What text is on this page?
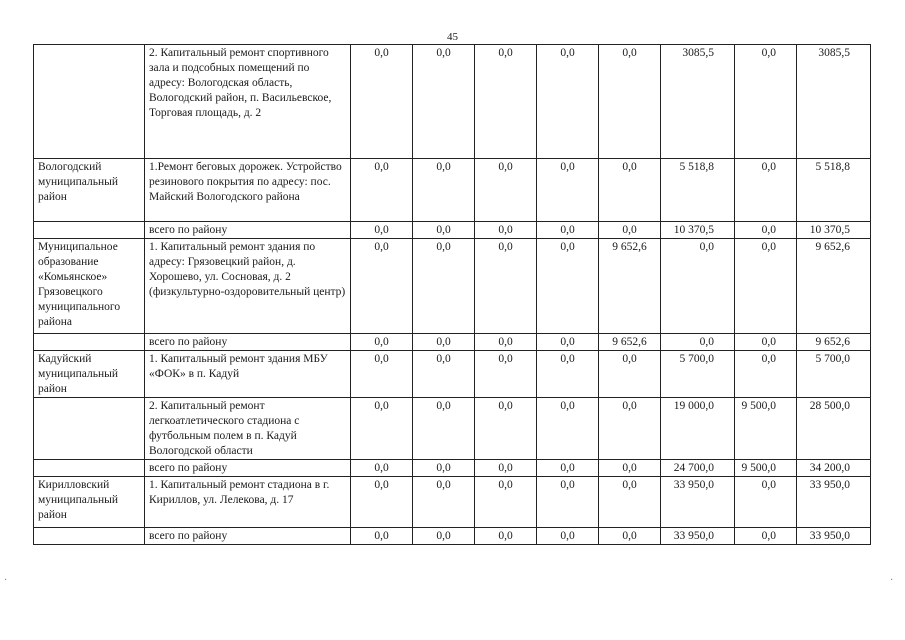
45
	2. Капитальный ремонт спортивного зала и подсобных помещений по адресу: Вологодская область, Вологодский район, п. Васильевское, Торговая площадь, д. 2	0,0	0,0	0,0	0,0	0,0	3085,5	0,0	3085,5
Вологодский муниципальный район	1.Ремонт беговых дорожек. Устройство резинового покрытия по адресу: пос. Майский Вологодского района	0,0	0,0	0,0	0,0	0,0	5 518,8	0,0	5 518,8
	всего по району	0,0	0,0	0,0	0,0	0,0	10 370,5	0,0	10 370,5
Муниципальное образование «Комьянское» Грязовецкого муниципального района	1. Капитальный ремонт здания по адресу: Грязовецкий район, д. Хорошево, ул. Сосновая, д. 2 (физкультурно-оздоровительный центр)	0,0	0,0	0,0	0,0	9 652,6	0,0	0,0	9 652,6
	всего по району	0,0	0,0	0,0	0,0	9 652,6	0,0	0,0	9 652,6
Кадуйский муниципальный район	1. Капитальный ремонт здания МБУ «ФОК» в п. Кадуй	0,0	0,0	0,0	0,0	0,0	5 700,0	0,0	5 700,0
	2. Капитальный ремонт легкоатлетического стадиона с футбольным полем в п. Кадуй Вологодской области	0,0	0,0	0,0	0,0	0,0	19 000,0	9 500,0	28 500,0
	всего по району	0,0	0,0	0,0	0,0	0,0	24 700,0	9 500,0	34 200,0
Кирилловский муниципальный район	1. Капитальный ремонт стадиона в г. Кириллов, ул. Лелекова, д. 17	0,0	0,0	0,0	0,0	0,0	33 950,0	0,0	33 950,0
	всего по району	0,0	0,0	0,0	0,0	0,0	33 950,0	0,0	33 950,0
·	·
